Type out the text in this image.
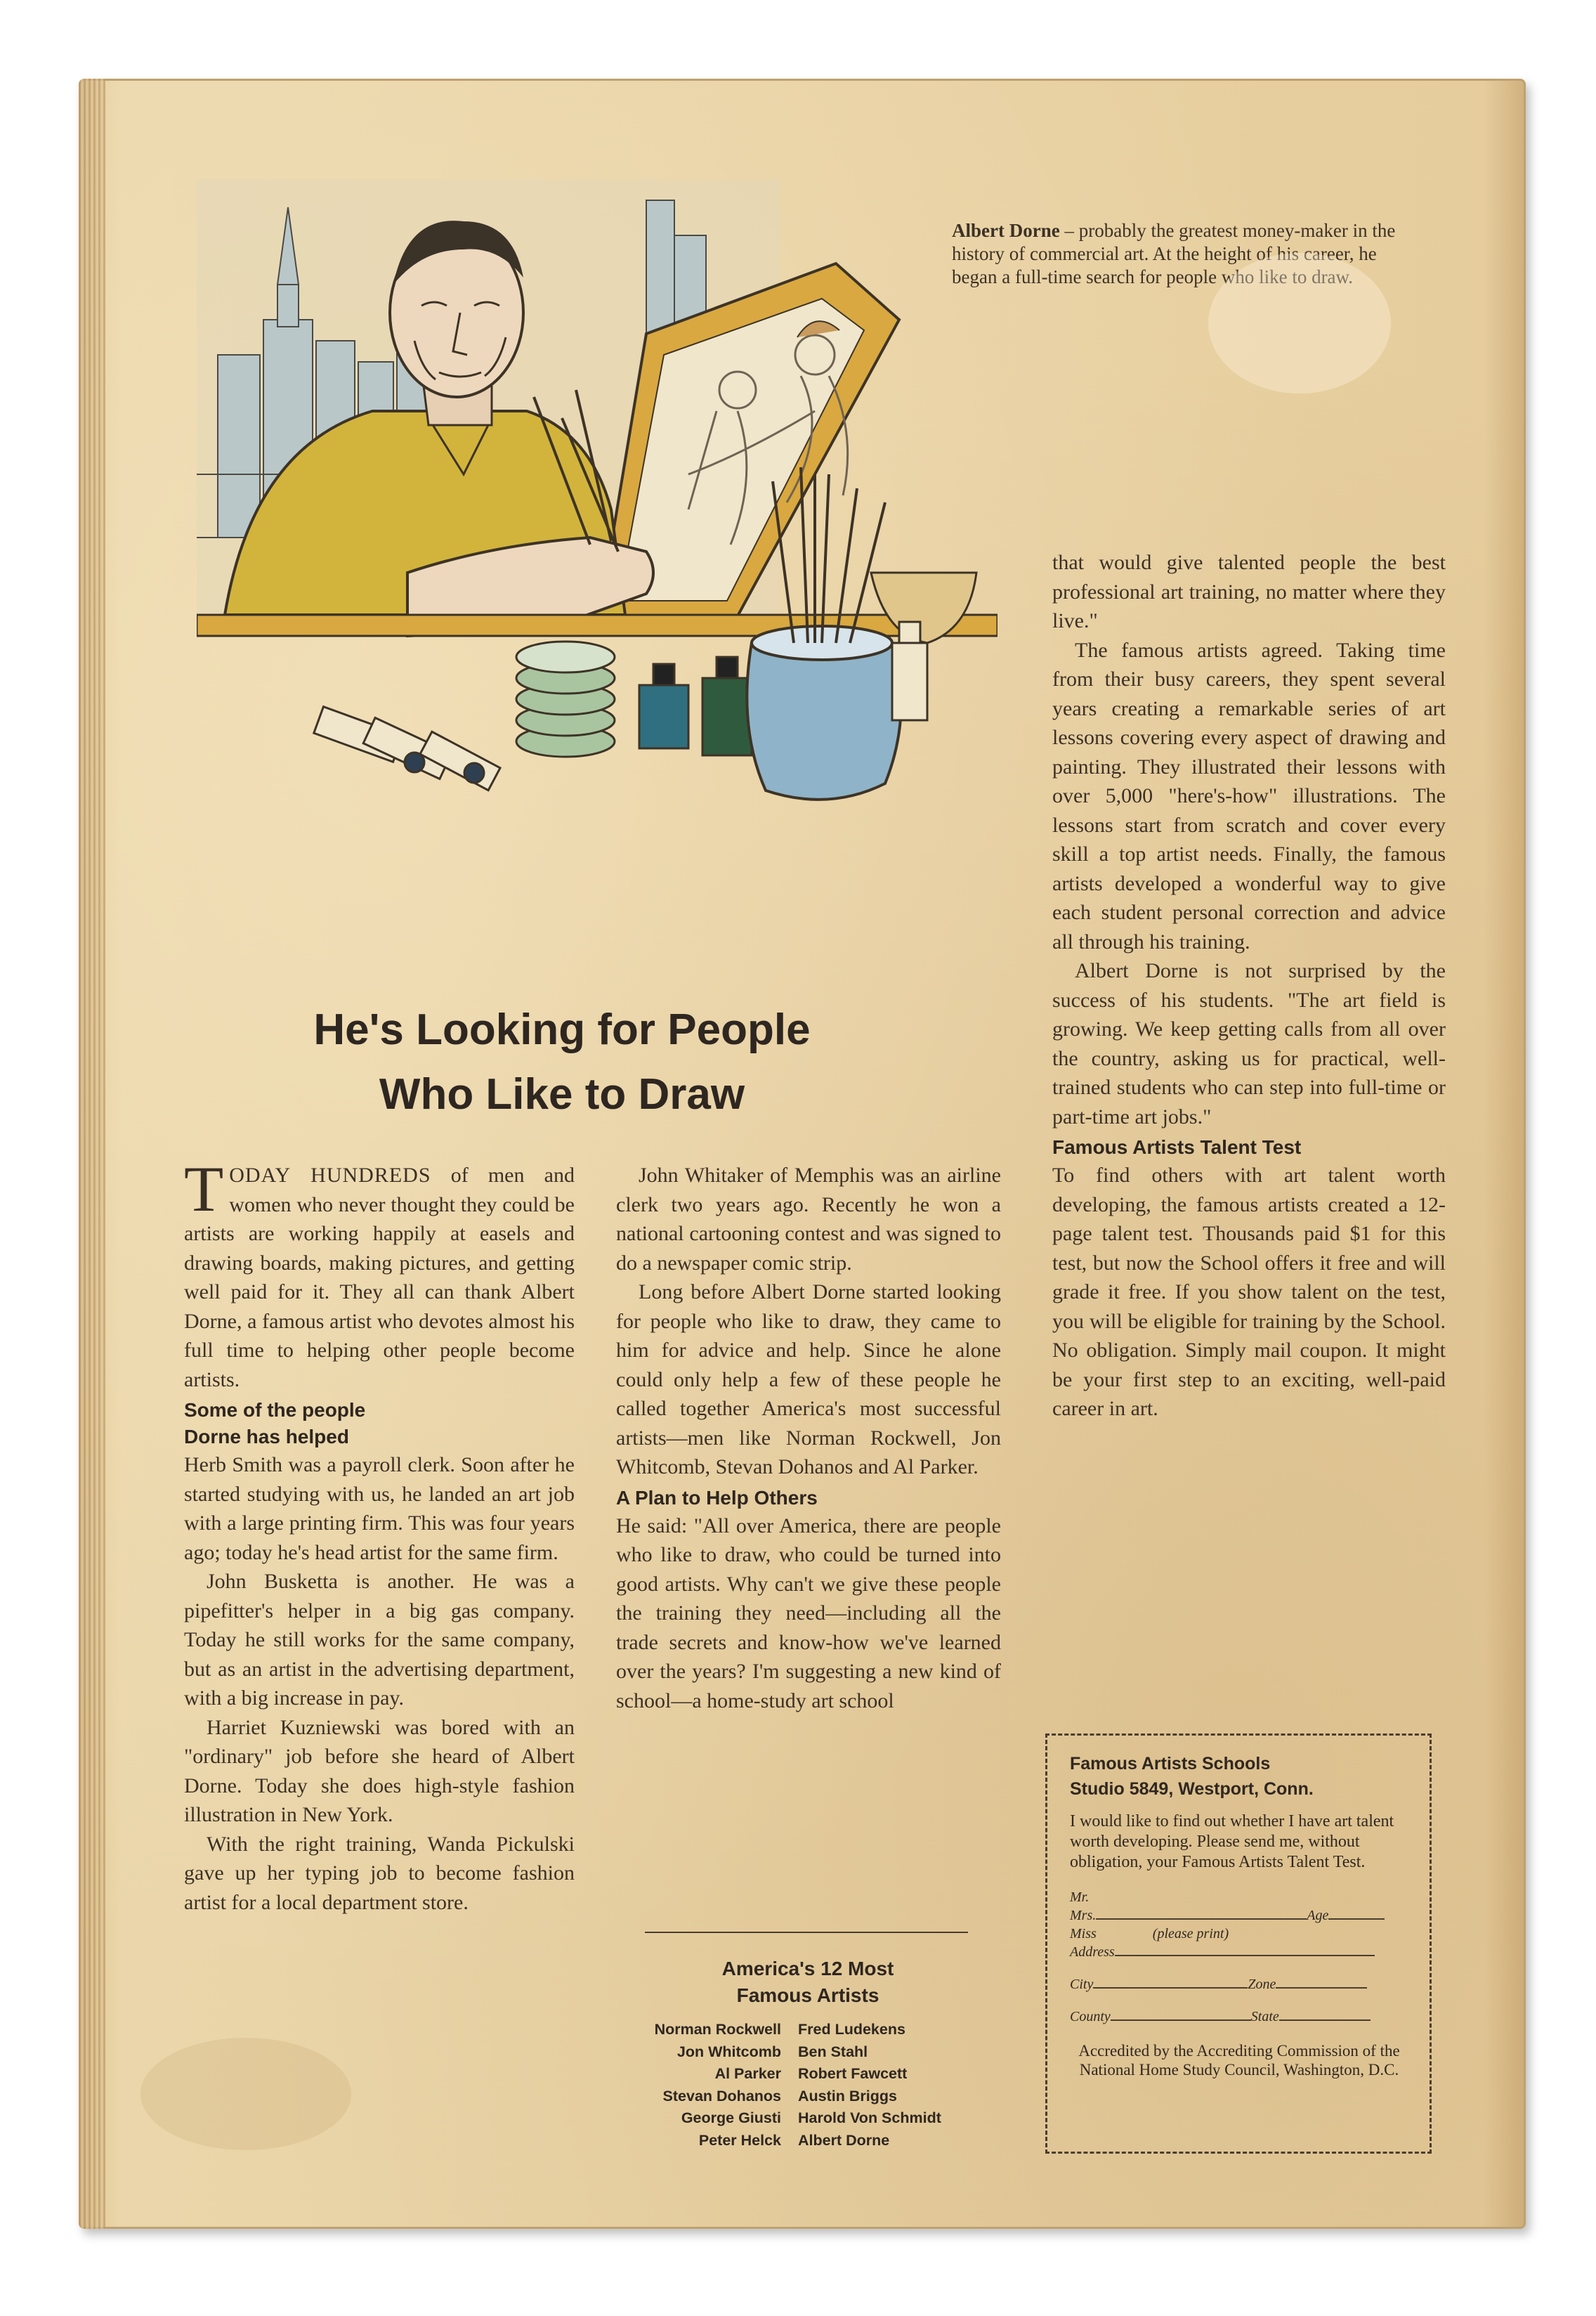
Albert Dorne – probably the greatest money-maker in the history of commercial art. At the height of his career, he began a full-time search for people who like to draw.
He's Looking for People
Who Like to Draw

TODAY HUNDREDS of men and women who never thought they could be artists are working happily at easels and drawing boards, making pictures, and getting well paid for it. They all can thank Albert Dorne, a famous artist who devotes almost his full time to helping other people become artists.

Some of the people
Dorne has helped

Herb Smith was a payroll clerk. Soon after he started studying with us, he landed an art job with a large printing firm. This was four years ago; today he's head artist for the same firm.

John Busketta is another. He was a pipefitter's helper in a big gas company. Today he still works for the same company, but as an artist in the advertising department, with a big increase in pay.

Harriet Kuzniewski was bored with an "ordinary" job before she heard of Albert Dorne. Today she does high-style fashion illustration in New York.

With the right training, Wanda Pickulski gave up her typing job to become fashion artist for a local department store.

John Whitaker of Memphis was an airline clerk two years ago. Recently he won a national cartooning contest and was signed to do a newspaper comic strip.

Long before Albert Dorne started looking for people who like to draw, they came to him for advice and help. Since he alone could only help a few of these people he called together America's most successful artists—men like Norman Rockwell, Jon Whitcomb, Stevan Dohanos and Al Parker.

A Plan to Help Others

He said: "All over America, there are people who like to draw, who could be turned into good artists. Why can't we give these people the training they need—including all the trade secrets and know-how we've learned over the years? I'm suggesting a new kind of school—a home-study art school

America's 12 Most
Famous Artists
Norman Rockwell	Fred Ludekens
Jon Whitcomb	Ben Stahl
Al Parker	Robert Fawcett
Stevan Dohanos	Austin Briggs
George Giusti	Harold Von Schmidt
Peter Helck	Albert Dorne

that would give talented people the best professional art training, no matter where they live."

The famous artists agreed. Taking time from their busy careers, they spent several years creating a remarkable series of art lessons covering every aspect of drawing and painting. They illustrated their lessons with over 5,000 "here's-how" illustrations. The lessons start from scratch and cover every skill a top artist needs. Finally, the famous artists developed a wonderful way to give each student personal correction and advice all through his training.

Albert Dorne is not surprised by the success of his students. "The art field is growing. We keep getting calls from all over the country, asking us for practical, well-trained students who can step into full-time or part-time art jobs."

Famous Artists Talent Test

To find others with art talent worth developing, the famous artists created a 12-page talent test. Thousands paid $1 for this test, but now the School offers it free and will grade it free. If you show talent on the test, you will be eligible for training by the School. No obligation. Simply mail coupon. It might be your first step to an exciting, well-paid career in art.

Famous Artists Schools
Studio 5849, Westport, Conn.
I would like to find out whether I have art talent worth developing. Please send me, without obligation, your Famous Artists Talent Test.
Mr.
Mrs.	Age
Miss	(please print)
Address
City	Zone
County	State
Accredited by the Accrediting Commission of the National Home Study Council, Washington, D.C.
